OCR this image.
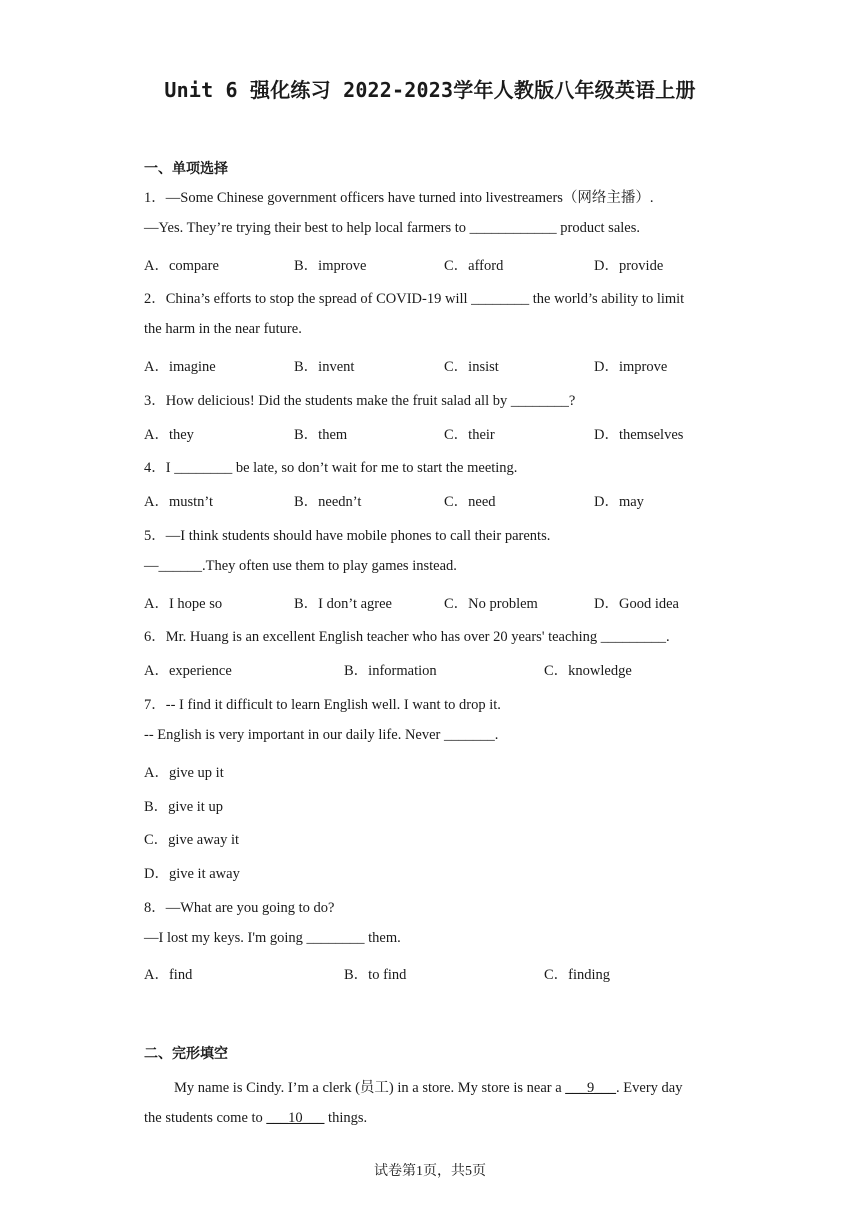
Unit 6 强化练习 2022-2023学年人教版八年级英语上册
一、单项选择
1．—Some Chinese government officers have turned into livestreamers（网络主播）.
—Yes. They’re trying their best to help local farmers to ____________ product sales.
A．compare	B．improve	C．afford	D．provide
2．China’s efforts to stop the spread of COVID-19 will ________ the world’s ability to limit
the harm in the near future.
A．imagine	B．invent	C．insist	D．improve
3．How delicious! Did the students make the fruit salad all by ________?
A．they	B．them	C．their	D．themselves
4．I ________ be late, so don’t wait for me to start the meeting.
A．mustn’t	B．needn’t	C．need	D．may
5．—I think students should have mobile phones to call their parents.
—______.They often use them to play games instead.
A．I hope so	B．I don’t agree	C．No problem	D．Good idea
6．Mr. Huang is an excellent English teacher who has over 20 years' teaching _________.
A．experience	B．information	C．knowledge
7．-- I find it difficult to learn English well. I want to drop it.
-- English is very important in our daily life. Never _______.
A．give up it
B．give it up
C．give away it
D．give it away
8．—What are you going to do?
—I lost my keys. I'm going ________ them.
A．find	B．to find	C．finding
二、完形填空
My name is Cindy. I’m a clerk (员工) in a store. My store is near a ___9___. Every day
the students come to ___10___ things.
试卷第1页，共5页
